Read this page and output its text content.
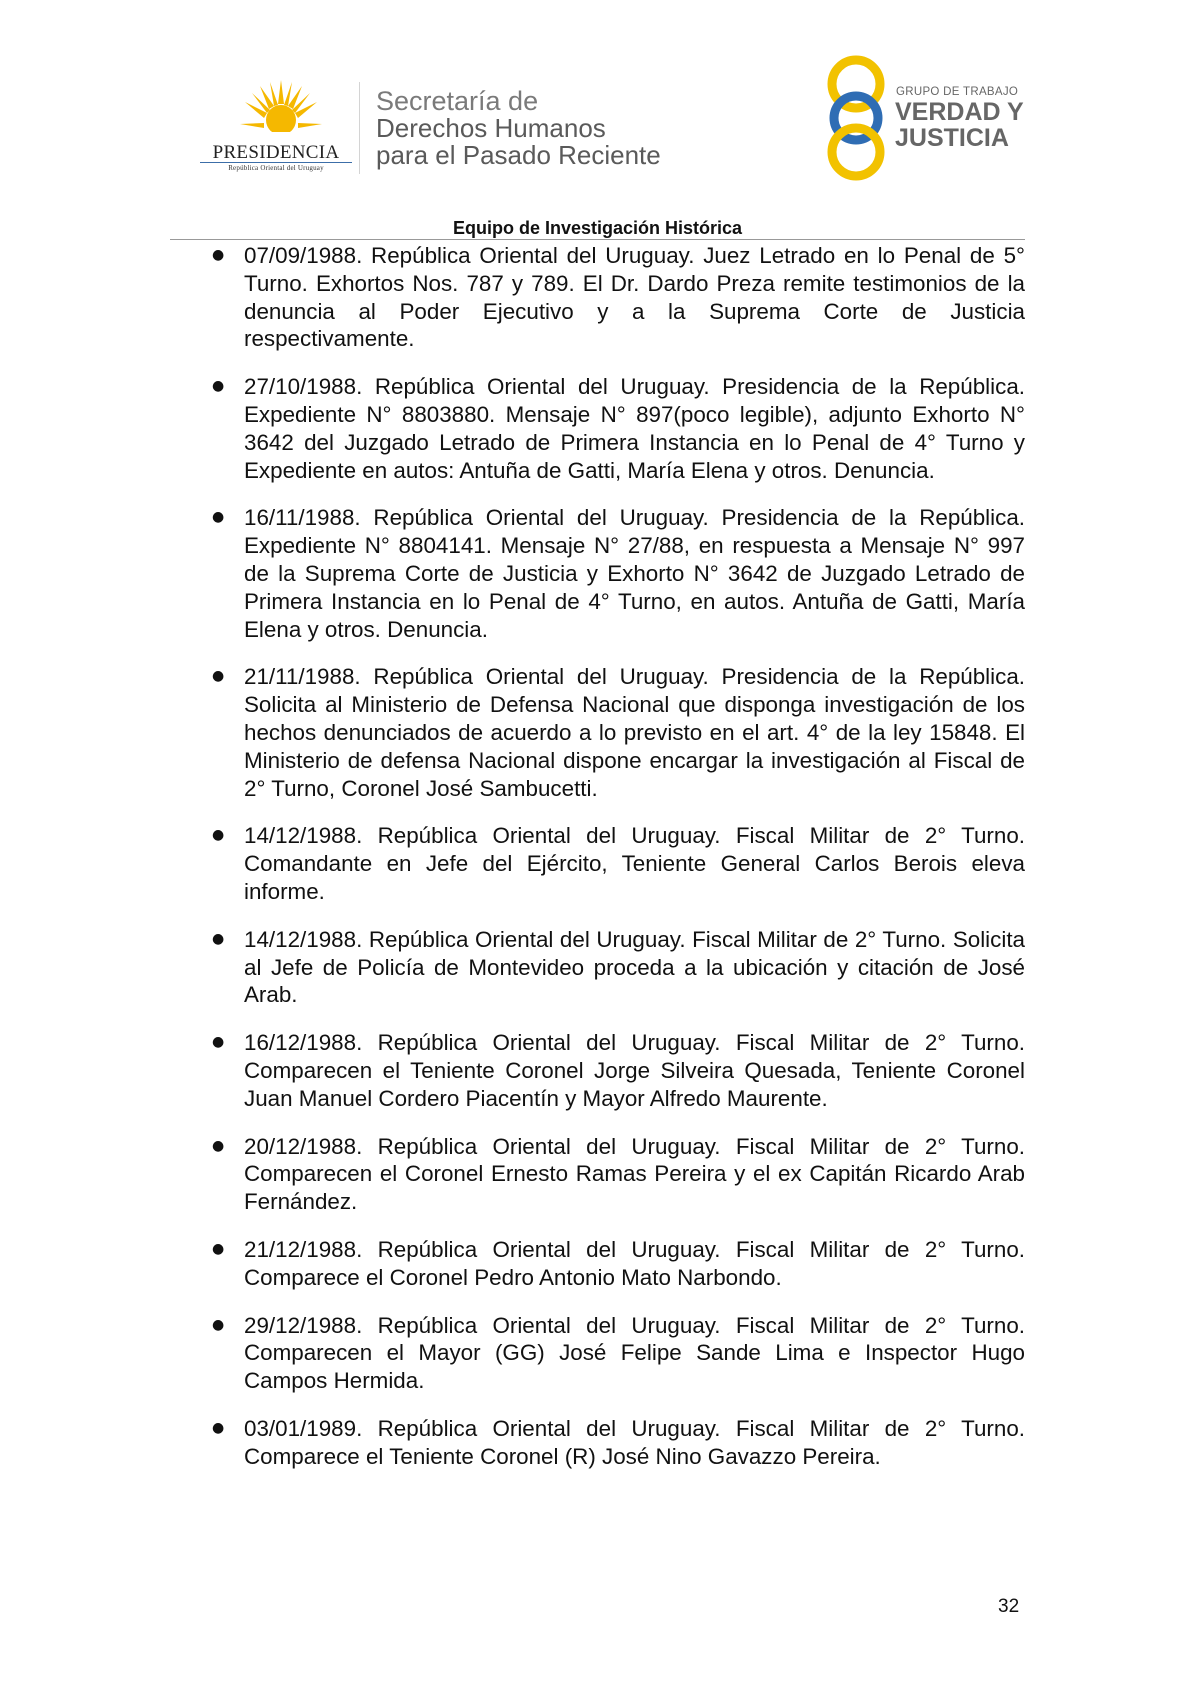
PRESIDENCIA
República Oriental del Uruguay
Secretaría de
Derechos Humanos
para el Pasado Reciente
GRUPO DE TRABAJO
VERDAD Y
JUSTICIA
Equipo de Investigación Histórica
● 07/09/1988. República Oriental del Uruguay. Juez Letrado en lo Penal de 5° Turno. Exhortos Nos. 787 y 789. El Dr. Dardo Preza remite testimonios de la denuncia al Poder Ejecutivo y a la Suprema Corte de Justicia respectivamente.
● 27/10/1988. República Oriental del Uruguay. Presidencia de la República. Expediente N° 8803880. Mensaje N° 897(poco legible), adjunto Exhorto N° 3642 del Juzgado Letrado de Primera Instancia en lo Penal de 4° Turno y Expediente en autos: Antuña de Gatti, María Elena y otros. Denuncia.
● 16/11/1988. República Oriental del Uruguay. Presidencia de la República. Expediente N° 8804141. Mensaje N° 27/88, en respuesta a Mensaje N° 997 de la Suprema Corte de Justicia y Exhorto N° 3642 de Juzgado Letrado de Primera Instancia en lo Penal de 4° Turno, en autos. Antuña de Gatti, María Elena y otros. Denuncia.
● 21/11/1988. República Oriental del Uruguay. Presidencia de la República. Solicita al Ministerio de Defensa Nacional que disponga investigación de los hechos denunciados de acuerdo a lo previsto en el art. 4° de la ley 15848. El Ministerio de defensa Nacional dispone encargar la investigación al Fiscal de 2° Turno, Coronel José Sambucetti.
● 14/12/1988. República Oriental del Uruguay. Fiscal Militar de 2° Turno. Comandante en Jefe del Ejército, Teniente General Carlos Berois eleva informe.
● 14/12/1988. República Oriental del Uruguay. Fiscal Militar de 2° Turno. Solicita al Jefe de Policía de Montevideo proceda a la ubicación y citación de José Arab.
● 16/12/1988. República Oriental del Uruguay. Fiscal Militar de 2° Turno. Comparecen el Teniente Coronel Jorge Silveira Quesada, Teniente Coronel Juan Manuel Cordero Piacentín y Mayor Alfredo Maurente.
● 20/12/1988. República Oriental del Uruguay. Fiscal Militar de 2° Turno. Comparecen el Coronel Ernesto Ramas Pereira y el ex Capitán Ricardo Arab Fernández.
● 21/12/1988. República Oriental del Uruguay. Fiscal Militar de 2° Turno. Comparece el Coronel Pedro Antonio Mato Narbondo.
● 29/12/1988. República Oriental del Uruguay. Fiscal Militar de 2° Turno. Comparecen el Mayor (GG) José Felipe Sande Lima e Inspector Hugo Campos Hermida.
● 03/01/1989. República Oriental del Uruguay. Fiscal Militar de 2° Turno. Comparece el Teniente Coronel (R) José Nino Gavazzo Pereira.
32
